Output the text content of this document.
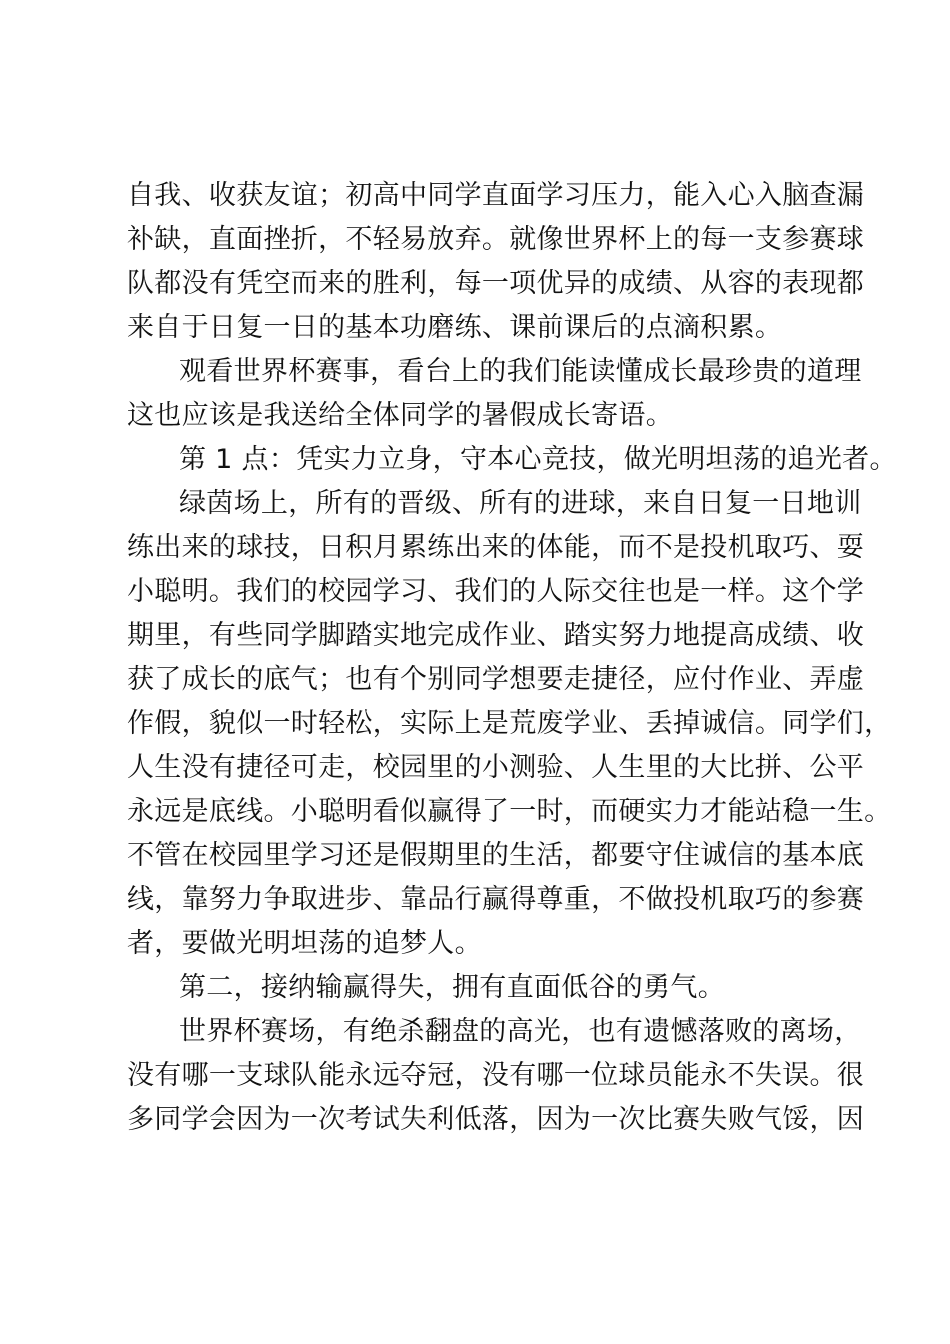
自我、收获友谊；初高中同学直面学习压力，能入心入脑查漏
补缺，直面挫折，不轻易放弃。就像世界杯上的每一支参赛球
队都没有凭空而来的胜利，每一项优异的成绩、从容的表现都
来自于日复一日的基本功磨练、课前课后的点滴积累。
观看世界杯赛事，看台上的我们能读懂成长最珍贵的道理
这也应该是我送给全体同学的暑假成长寄语。
第 1 点：凭实力立身，守本心竞技，做光明坦荡的追光者。
绿茵场上，所有的晋级、所有的进球，来自日复一日地训
练出来的球技，日积月累练出来的体能，而不是投机取巧、耍
小聪明。我们的校园学习、我们的人际交往也是一样。这个学
期里，有些同学脚踏实地完成作业、踏实努力地提高成绩、收
获了成长的底气；也有个别同学想要走捷径，应付作业、弄虚
作假，貌似一时轻松，实际上是荒废学业、丢掉诚信。同学们，
人生没有捷径可走，校园里的小测验、人生里的大比拼、公平
永远是底线。小聪明看似赢得了一时，而硬实力才能站稳一生。
不管在校园里学习还是假期里的生活，都要守住诚信的基本底
线，靠努力争取进步、靠品行赢得尊重，不做投机取巧的参赛
者，要做光明坦荡的追梦人。
第二，接纳输赢得失，拥有直面低谷的勇气。
世界杯赛场，有绝杀翻盘的高光，也有遗憾落败的离场，
没有哪一支球队能永远夺冠，没有哪一位球员能永不失误。很
多同学会因为一次考试失利低落，因为一次比赛失败气馁，因
